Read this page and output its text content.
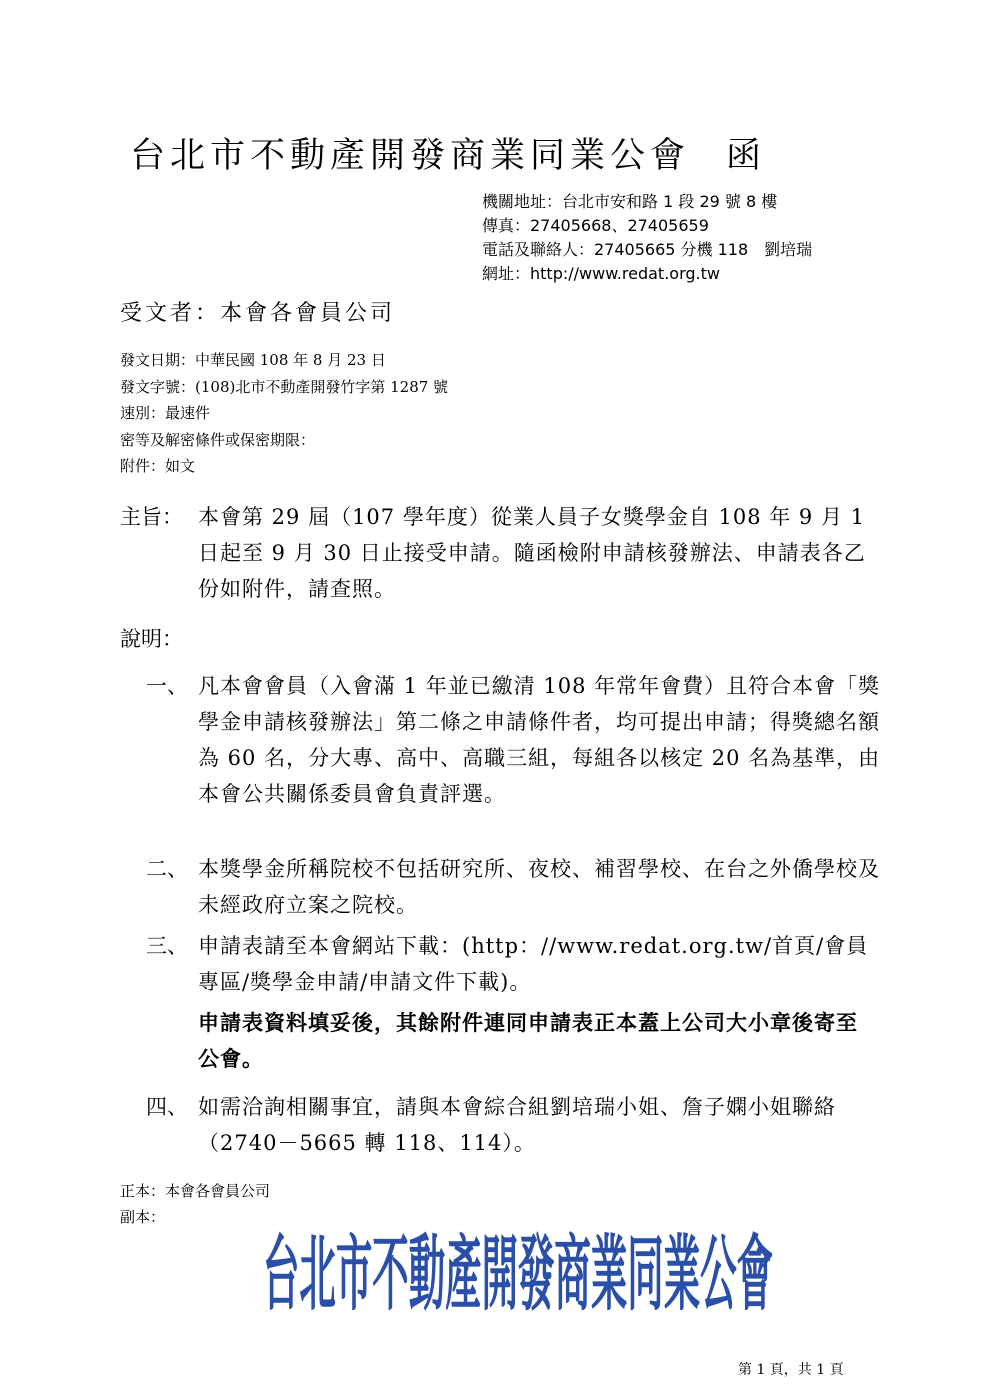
台北市不動產開發商業同業公會 函
機關地址：台北市安和路 1 段 29 號 8 樓
傳真：27405668、27405659
電話及聯絡人：27405665 分機 118　劉培瑞
網址：http://www.redat.org.tw
受文者：本會各會員公司
發文日期：中華民國 108 年 8 月 23 日
發文字號：(108)北市不動產開發竹字第 1287 號
速別：最速件
密等及解密條件或保密期限：
附件：如文
主旨： 本會第 29 屆（107 學年度）從業人員子女獎學金自 108 年 9 月 1 日起至 9 月 30 日止接受申請。隨函檢附申請核發辦法、申請表各乙份如附件，請查照。
說明：
一、 凡本會會員（入會滿 1 年並已繳清 108 年常年會費）且符合本會「獎學金申請核發辦法」第二條之申請條件者，均可提出申請；得獎總名額為 60 名，分大專、高中、高職三組，每組各以核定 20 名為基準，由本會公共關係委員會負責評選。
二、 本獎學金所稱院校不包括研究所、夜校、補習學校、在台之外僑學校及未經政府立案之院校。
三、 申請表請至本會網站下載：(http：//www.redat.org.tw/首頁/會員專區/獎學金申請/申請文件下載)。
申請表資料填妥後，其餘附件連同申請表正本蓋上公司大小章後寄至公會。
四、 如需洽詢相關事宜，請與本會綜合組劉培瑞小姐、詹子嫻小姐聯絡（2740－5665 轉 118、114）。
正本：本會各會員公司
副本：
台北市不動產開發商業同業公會
第 1 頁，共 1 頁
